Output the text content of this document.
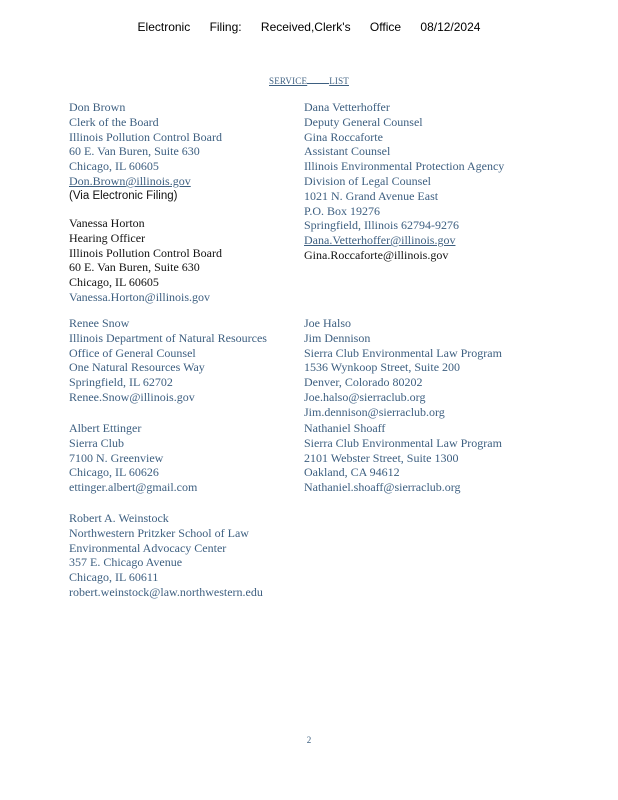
Electronic Filing: Received,Clerk's Office 08/12/2024
SERVICE LIST
Don Brown
Clerk of the Board
Illinois Pollution Control Board
60 E. Van Buren, Suite 630
Chicago, IL 60605
Don.Brown@illinois.gov
(Via Electronic Filing)
Vanessa Horton
Hearing Officer
Illinois Pollution Control Board
60 E. Van Buren, Suite 630
Chicago, IL 60605
Vanessa.Horton@illinois.gov
Renee Snow
Illinois Department of Natural Resources
Office of General Counsel
One Natural Resources Way
Springfield, IL 62702
Renee.Snow@illinois.gov
Albert Ettinger
Sierra Club
7100 N. Greenview
Chicago, IL 60626
ettinger.albert@gmail.com
Robert A. Weinstock
Northwestern Pritzker School of Law
Environmental Advocacy Center
357 E. Chicago Avenue
Chicago, IL 60611
robert.weinstock@law.northwestern.edu
Dana Vetterhoffer
Deputy General Counsel
Gina Roccaforte
Assistant Counsel
Illinois Environmental Protection Agency
Division of Legal Counsel
1021 N. Grand Avenue East
P.O. Box 19276
Springfield, Illinois 62794-9276
Dana.Vetterhoffer@illinois.gov
Gina.Roccaforte@illinois.gov
Joe Halso
Jim Dennison
Sierra Club Environmental Law Program
1536 Wynkoop Street, Suite 200
Denver, Colorado 80202
Joe.halso@sierraclub.org
Jim.dennison@sierraclub.org
Nathaniel Shoaff
Sierra Club Environmental Law Program
2101 Webster Street, Suite 1300
Oakland, CA 94612
Nathaniel.shoaff@sierraclub.org
2
